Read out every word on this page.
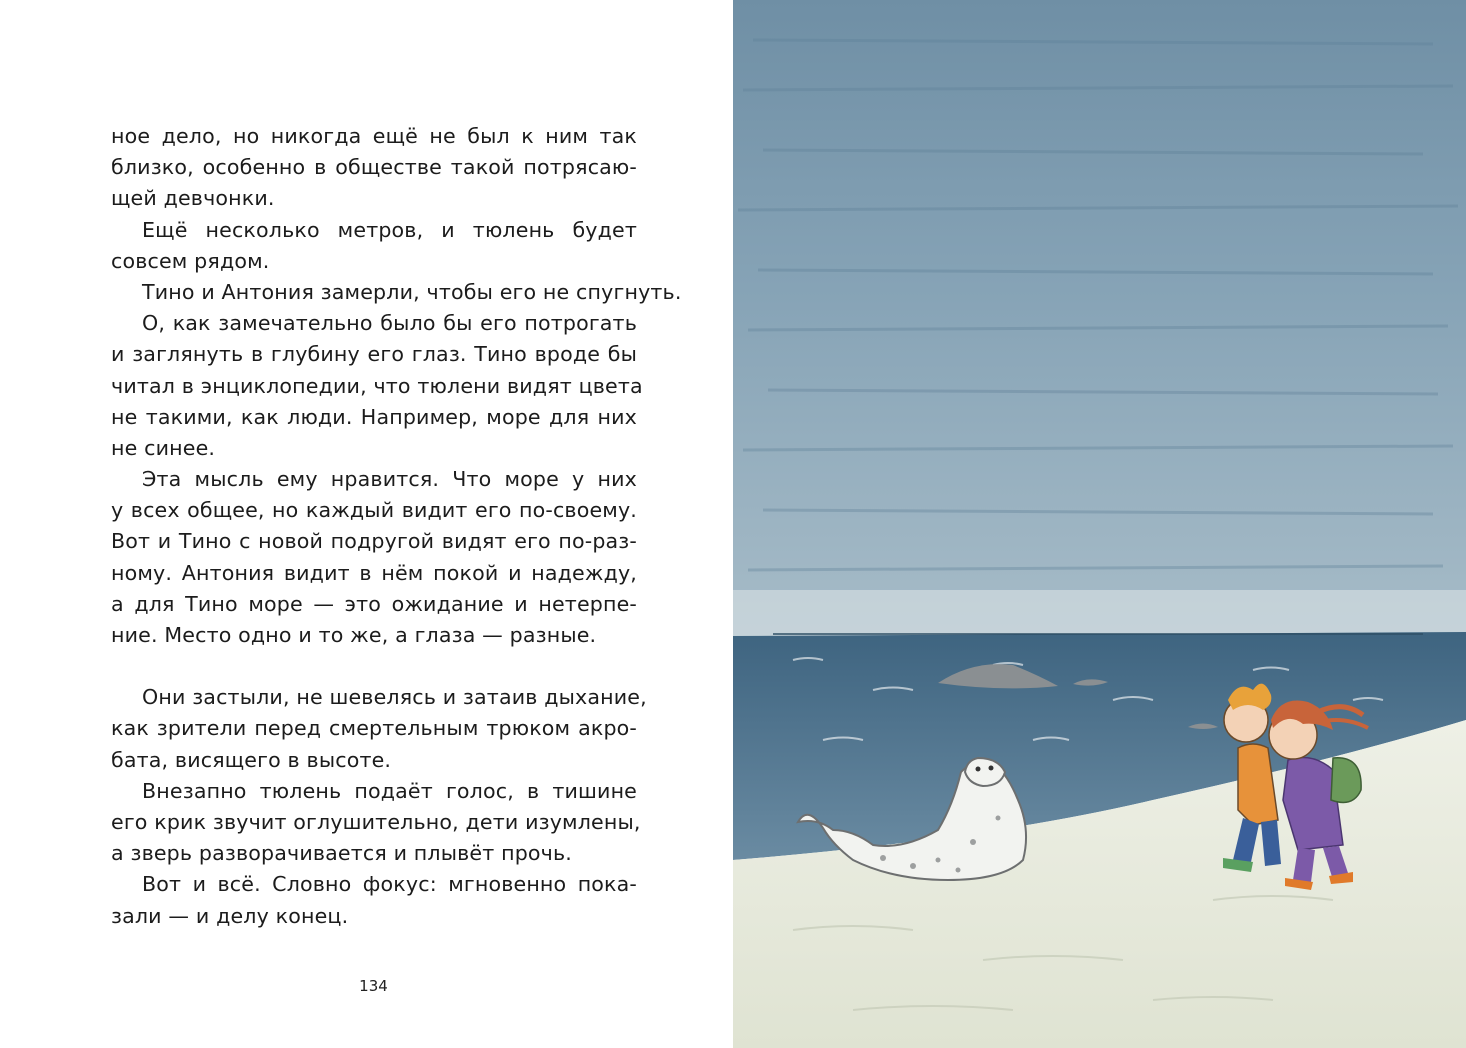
ное дело, но никогда ещё не был к ним так
близко, особенно в обществе такой потрясаю-
щей девчонки.
Ещё несколько метров, и тюлень будет
совсем рядом.
Тино и Антония замерли, чтобы его не спугнуть.
О, как замечательно было бы его потрогать
и заглянуть в глубину его глаз. Тино вроде бы
читал в энциклопедии, что тюлени видят цвета
не такими, как люди. Например, море для них
не синее.
Эта мысль ему нравится. Что море у них
у всех общее, но каждый видит его по-своему.
Вот и Тино с новой подругой видят его по-раз-
ному. Антония видит в нём покой и надежду,
а для Тино море — это ожидание и нетерпе-
ние. Место одно и то же, а глаза — разные.
Они застыли, не шевелясь и затаив дыхание,
как зрители перед смертельным трюком акро-
бата, висящего в высоте.
Внезапно тюлень подаёт голос, в тишине
его крик звучит оглушительно, дети изумлены,
а зверь разворачивается и плывёт прочь.
Вот и всё. Словно фокус: мгновенно пока-
зали — и делу конец.
134
